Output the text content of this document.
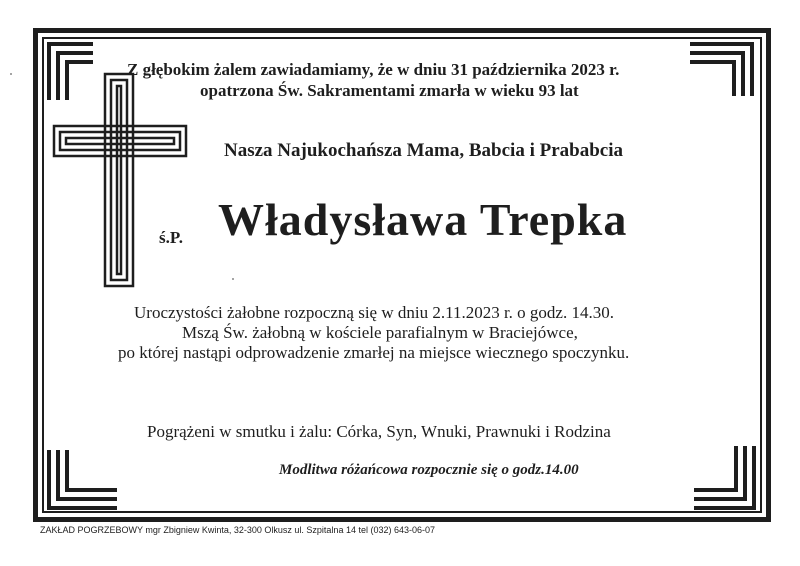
Z głębokim żalem zawiadamiamy, że w dniu 31 października 2023 r.
opatrzona Św. Sakramentami zmarła w wieku 93 lat
Nasza Najukochańsza Mama, Babcia i Prababcia
ś.P. Władysława Trepka
Uroczystości żałobne rozpoczną się w dniu 2.11.2023 r. o godz. 14.30.
Mszą Św. żałobną w kościele parafialnym w Braciejówce,
po której nastąpi odprowadzenie zmarłej na miejsce wiecznego spoczynku.
Pogrążeni w smutku i żalu: Córka, Syn, Wnuki, Prawnuki i Rodzina
Modlitwa różańcowa rozpocznie się o godz.14.00
ZAKŁAD POGRZEBOWY mgr Zbigniew Kwinta, 32-300 Olkusz ul. Szpitalna 14 tel (032) 643-06-07
